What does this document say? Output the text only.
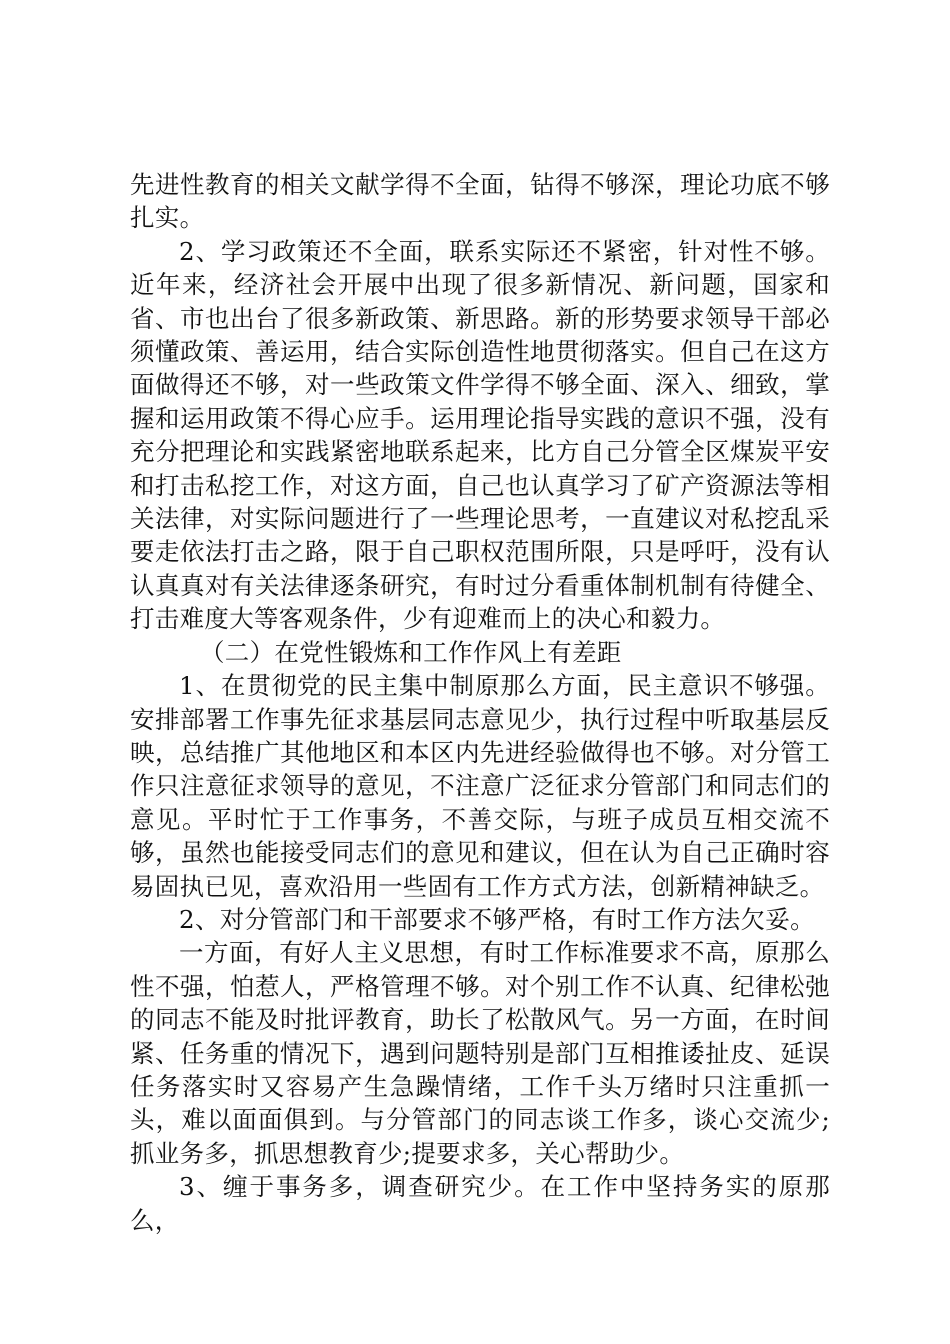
先进性教育的相关文献学得不全面，钻得不够深，理论功底不够扎实。

2、学习政策还不全面，联系实际还不紧密，针对性不够。近年来，经济社会开展中出现了很多新情况、新问题，国家和省、市也出台了很多新政策、新思路。新的形势要求领导干部必须懂政策、善运用，结合实际创造性地贯彻落实。但自己在这方面做得还不够，对一些政策文件学得不够全面、深入、细致，掌握和运用政策不得心应手。运用理论指导实践的意识不强，没有充分把理论和实践紧密地联系起来，比方自己分管全区煤炭平安和打击私挖工作，对这方面，自己也认真学习了矿产资源法等相关法律，对实际问题进行了一些理论思考，一直建议对私挖乱采要走依法打击之路，限于自己职权范围所限，只是呼吁，没有认认真真对有关法律逐条研究，有时过分看重体制机制有待健全、打击难度大等客观条件，少有迎难而上的决心和毅力。

（二）在党性锻炼和工作作风上有差距

1、在贯彻党的民主集中制原那么方面，民主意识不够强。安排部署工作事先征求基层同志意见少，执行过程中听取基层反映，总结推广其他地区和本区内先进经验做得也不够。对分管工作只注意征求领导的意见，不注意广泛征求分管部门和同志们的意见。平时忙于工作事务，不善交际，与班子成员互相交流不够，虽然也能接受同志们的意见和建议，但在认为自己正确时容易固执已见，喜欢沿用一些固有工作方式方法，创新精神缺乏。

2、对分管部门和干部要求不够严格，有时工作方法欠妥。

一方面，有好人主义思想，有时工作标准要求不高，原那么性不强，怕惹人，严格管理不够。对个别工作不认真、纪律松弛的同志不能及时批评教育，助长了松散风气。另一方面，在时间紧、任务重的情况下，遇到问题特别是部门互相推诿扯皮、延误任务落实时又容易产生急躁情绪，工作千头万绪时只注重抓一头，难以面面俱到。与分管部门的同志谈工作多，谈心交流少;抓业务多，抓思想教育少;提要求多，关心帮助少。

3、缠于事务多，调查研究少。在工作中坚持务实的原那么，
